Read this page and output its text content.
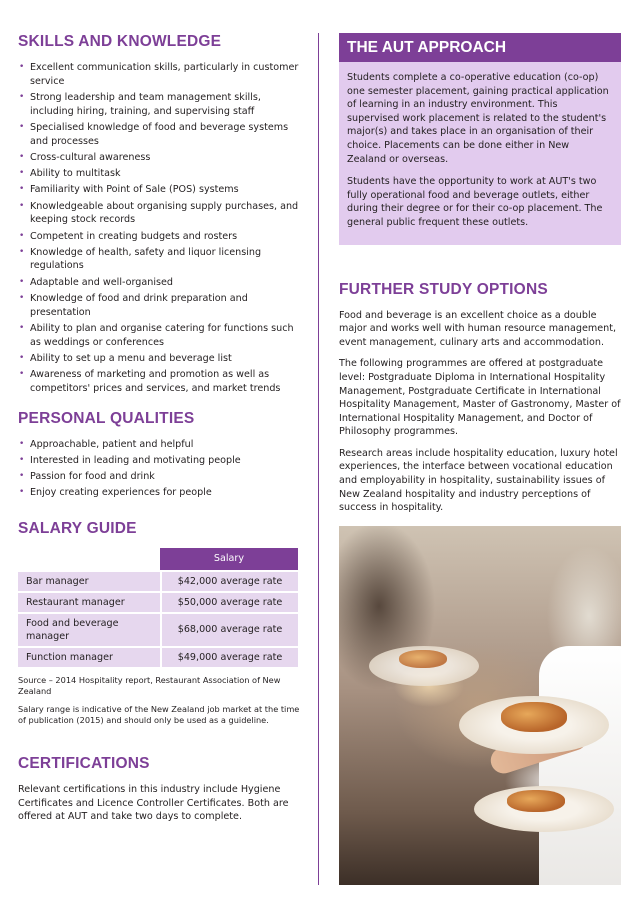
SKILLS AND KNOWLEDGE
• Excellent communication skills, particularly in customer service
• Strong leadership and team management skills, including hiring, training, and supervising staff
• Specialised knowledge of food and beverage systems and processes
• Cross-cultural awareness
• Ability to multitask
• Familiarity with Point of Sale (POS) systems
• Knowledgeable about organising supply purchases, and keeping stock records
• Competent in creating budgets and rosters
• Knowledge of health, safety and liquor licensing regulations
• Adaptable and well-organised
• Knowledge of food and drink preparation and presentation
• Ability to plan and organise catering for functions such as weddings or conferences
• Ability to set up a menu and beverage list
• Awareness of marketing and promotion as well as competitors' prices and services, and market trends
PERSONAL QUALITIES
• Approachable, patient and helpful
• Interested in leading and motivating people
• Passion for food and drink
• Enjoy creating experiences for people
SALARY GUIDE
	Salary
Bar manager	$42,000 average rate
Restaurant manager	$50,000 average rate
Food and beverage manager	$68,000 average rate
Function manager	$49,000 average rate

Source – 2014 Hospitality report, Restaurant Association of New Zealand

Salary range is indicative of the New Zealand job market at the time of publication (2015) and should only be used as a guideline.

CERTIFICATIONS

Relevant certifications in this industry include Hygiene Certificates and Licence Controller Certificates. Both are offered at AUT and take two days to complete.

THE AUT APPROACH

Students complete a co-operative education (co-op) one semester placement, gaining practical application of learning in an industry environment. This supervised work placement is related to the student's major(s) and takes place in an organisation of their choice. Placements can be done either in New Zealand or overseas.

Students have the opportunity to work at AUT's two fully operational food and beverage outlets, either during their degree or for their co-op placement. The general public frequent these outlets.

FURTHER STUDY OPTIONS

Food and beverage is an excellent choice as a double major and works well with human resource management, event management, culinary arts and accommodation.

The following programmes are offered at postgraduate level: Postgraduate Diploma in International Hospitality Management, Postgraduate Certificate in International Hospitality Management, Master of Gastronomy, Master of International Hospitality Management, and Doctor of Philosophy programmes.

Research areas include hospitality education, luxury hotel experiences, the interface between vocational education and employability in hospitality, sustainability issues of New Zealand hospitality and industry perceptions of success in hospitality.
